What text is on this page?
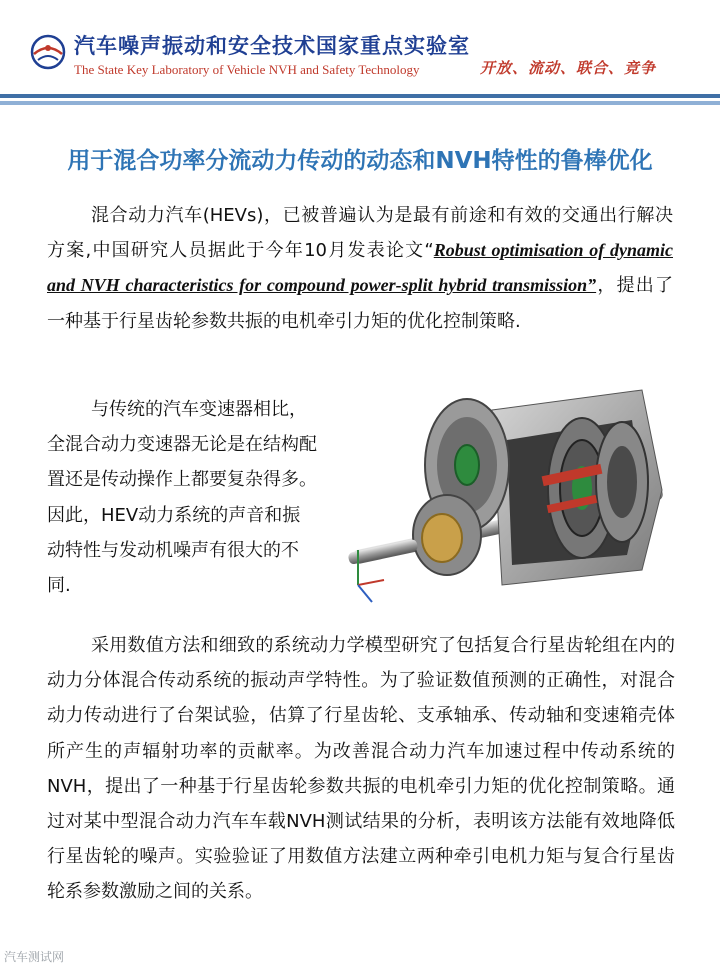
汽车噪声振动和安全技术国家重点实验室
The State Key Laboratory of Vehicle NVH and Safety Technology	开放、流动、联合、竞争
用于混合功率分流动力传动的动态和NVH特性的鲁棒优化

混合动力汽车(HEVs)，已被普遍认为是最有前途和有效的交通出行解决方案,中国研究人员据此于今年10月发表论文“Robust optimisation of dynamic and NVH characteristics for compound power-split hybrid transmission”，提出了一种基于行星齿轮参数共振的电机牵引力矩的优化控制策略.

与传统的汽车变速器相比，全混合动力变速器无论是在结构配置还是传动操作上都要复杂得多。因此，HEV动力系统的声音和振动特性与发动机噪声有很大的不同.

采用数值方法和细致的系统动力学模型研究了包括复合行星齿轮组在内的动力分体混合传动系统的振动声学特性。为了验证数值预测的正确性，对混合动力传动进行了台架试验，估算了行星齿轮、支承轴承、传动轴和变速箱壳体所产生的声辐射功率的贡献率。为改善混合动力汽车加速过程中传动系统的NVH，提出了一种基于行星齿轮参数共振的电机牵引力矩的优化控制策略。通过对某中型混合动力汽车车载NVH测试结果的分析，表明该方法能有效地降低行星齿轮的噪声。实验验证了用数值方法建立两种牵引电机力矩与复合行星齿轮系参数激励之间的关系。

汽车测试网
